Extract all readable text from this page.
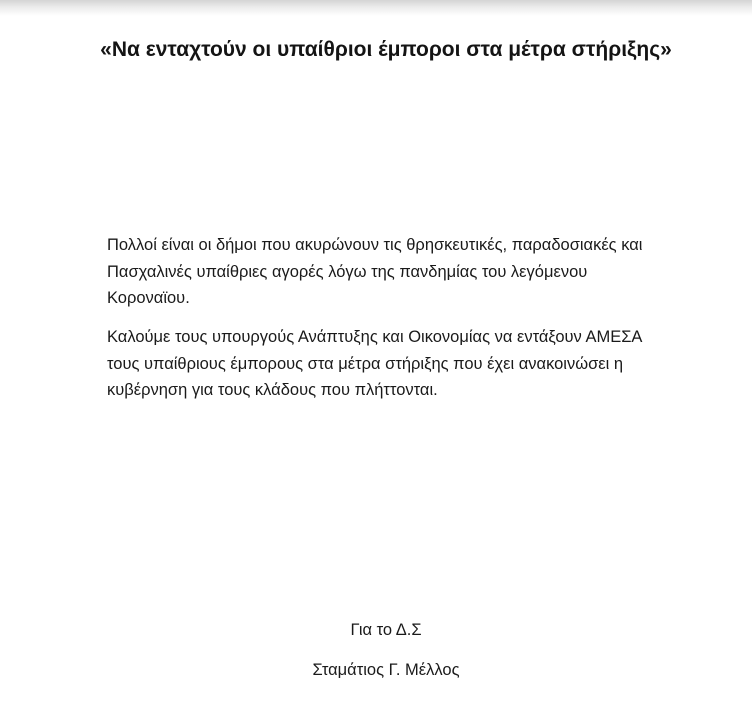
«Να ενταχτούν οι υπαίθριοι έμποροι στα μέτρα στήριξης»

Πολλοί είναι οι δήμοι που ακυρώνουν τις θρησκευτικές, παραδοσιακές και Πασχαλινές υπαίθριες αγορές λόγω της πανδημίας του λεγόμενου Κοροναϊου.

Καλούμε τους υπουργούς Ανάπτυξης και Οικονομίας να εντάξουν ΑΜΕΣΑ τους υπαίθριους έμπορους στα μέτρα στήριξης που έχει ανακοινώσει η κυβέρνηση για τους κλάδους που πλήττονται.

Για το Δ.Σ

Σταμάτιος Γ. Μέλλος
